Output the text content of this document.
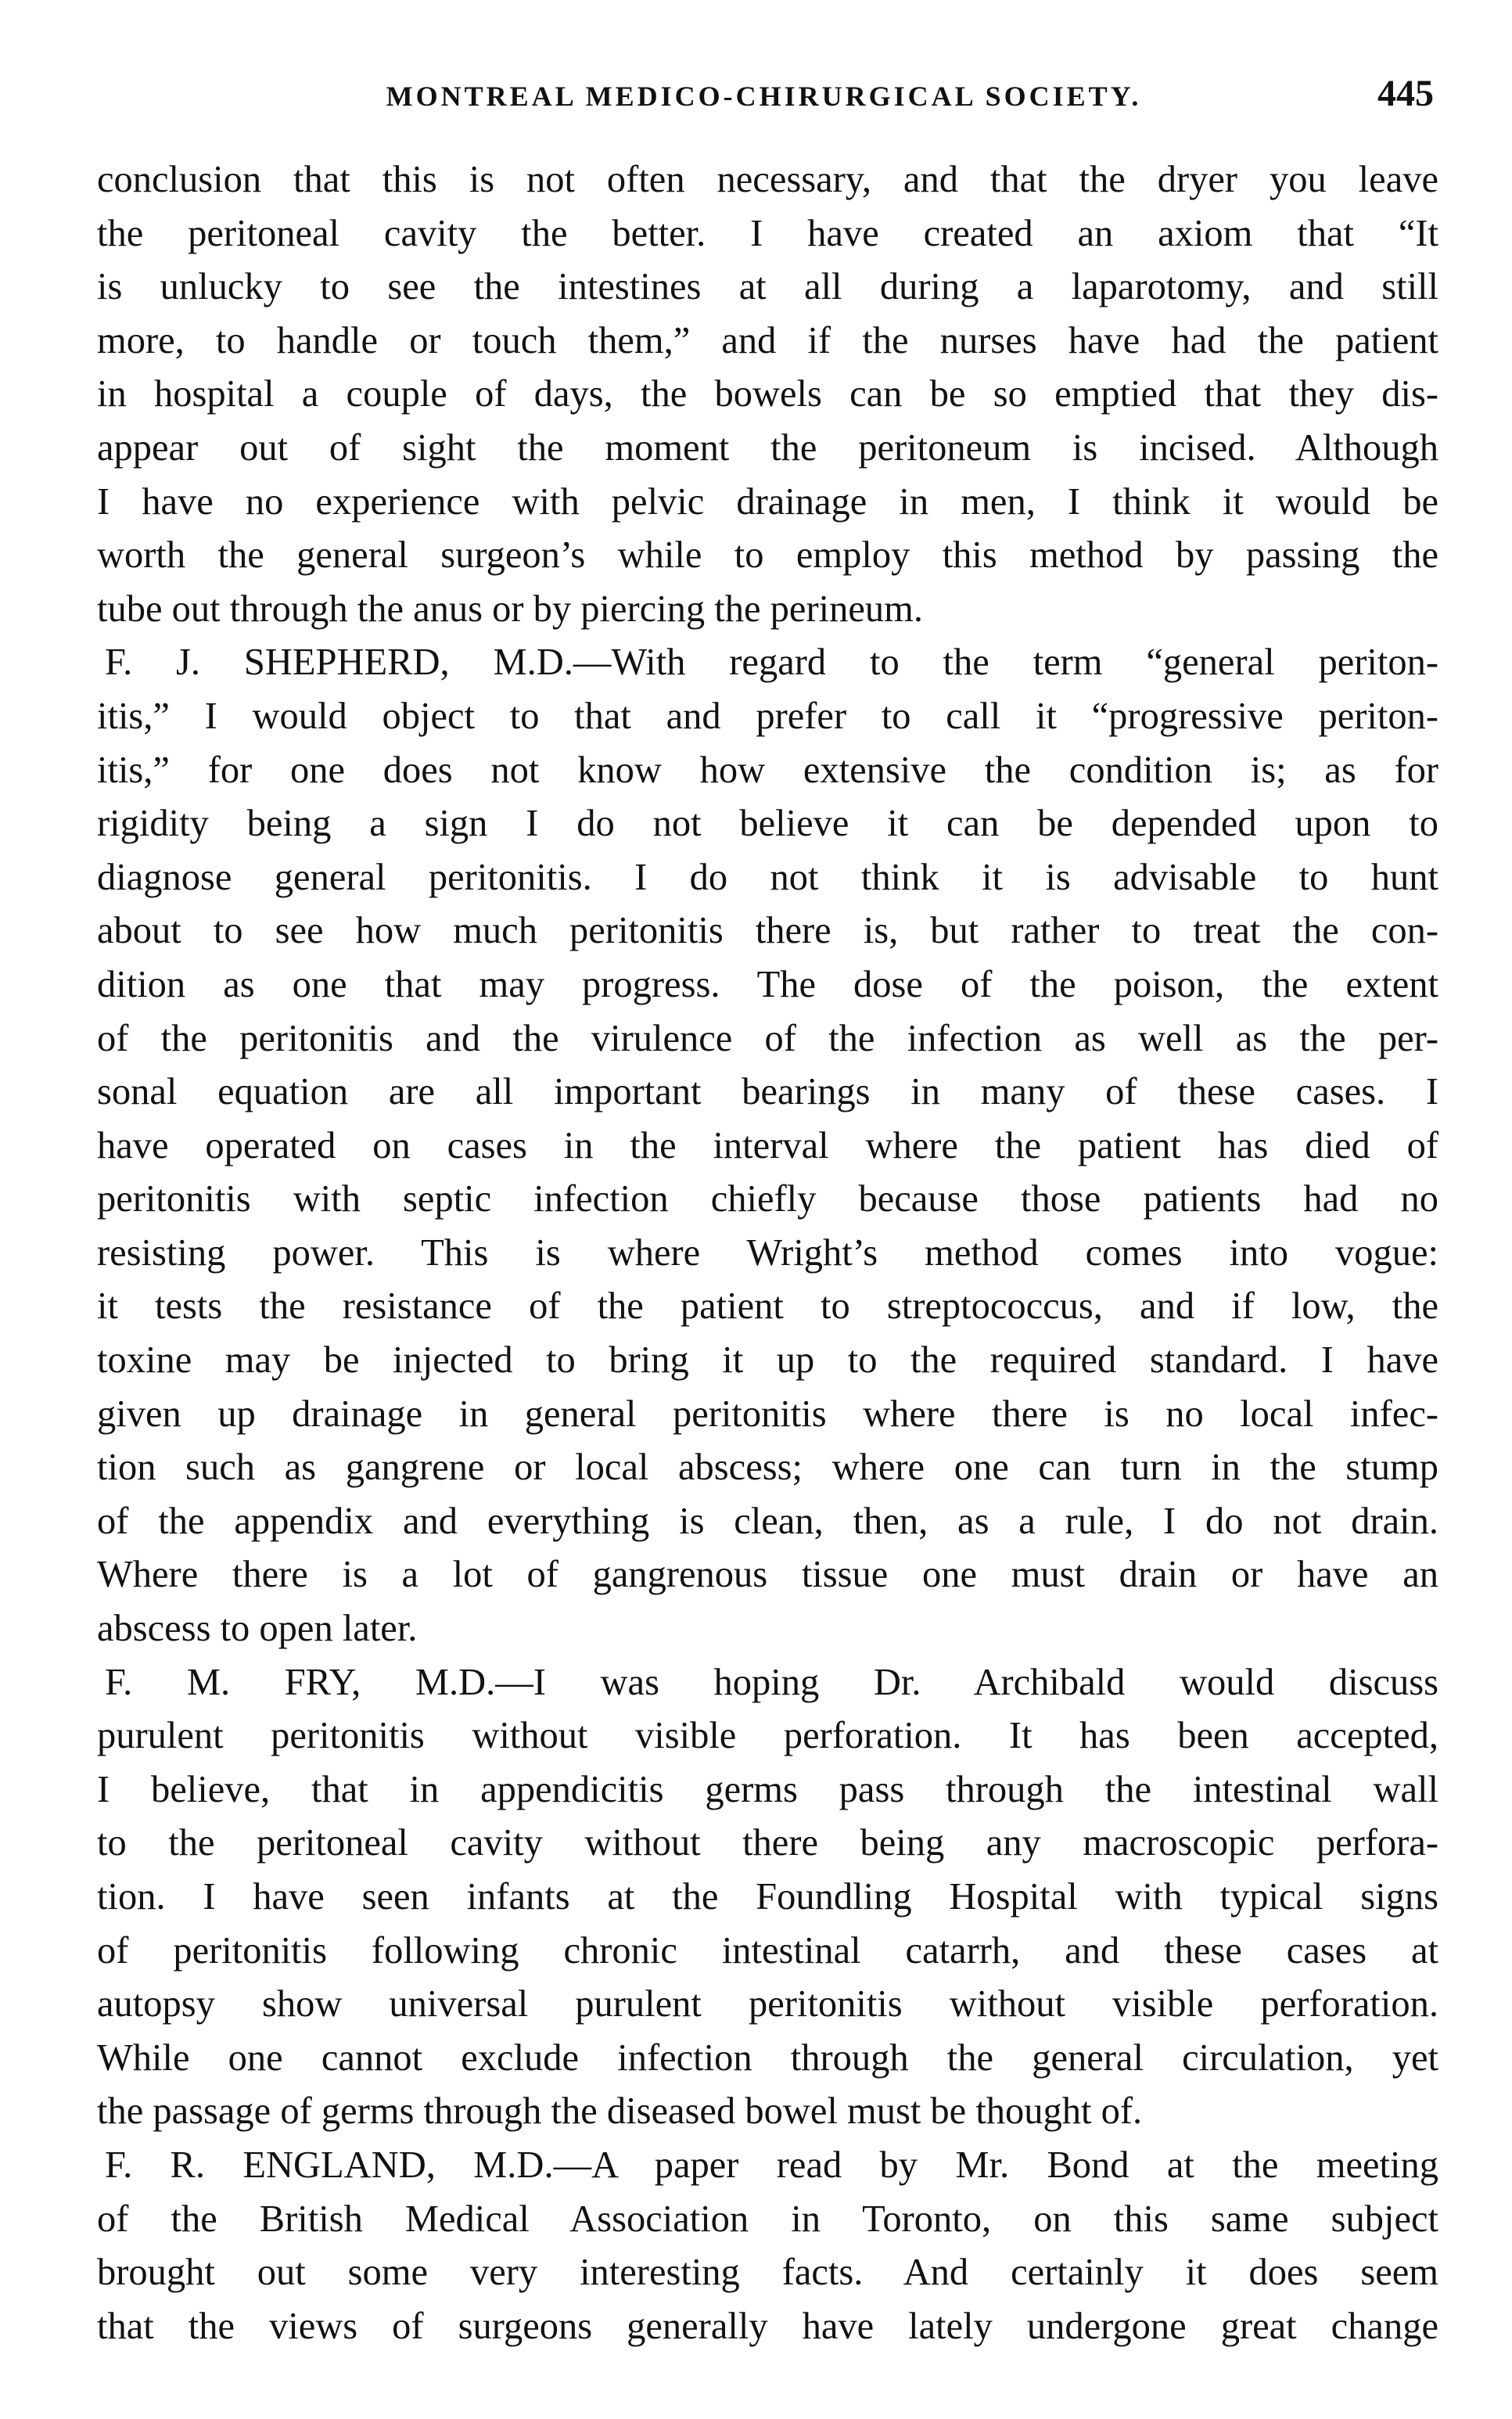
MONTREAL MEDICO-CHIRURGICAL SOCIETY.	445
conclusion that this is not often necessary, and that the dryer you leave
the peritoneal cavity the better. I have created an axiom that “It
is unlucky to see the intestines at all during a laparotomy, and still
more, to handle or touch them,” and if the nurses have had the patient
in hospital a couple of days, the bowels can be so emptied that they dis-
appear out of sight the moment the peritoneum is incised. Although
I have no experience with pelvic drainage in men, I think it would be
worth the general surgeon’s while to employ this method by passing the
tube out through the anus or by piercing the perineum.
F. J. SHEPHERD, M.D.—With regard to the term “general periton-
itis,” I would object to that and prefer to call it “progressive periton-
itis,” for one does not know how extensive the condition is; as for
rigidity being a sign I do not believe it can be depended upon to
diagnose general peritonitis. I do not think it is advisable to hunt
about to see how much peritonitis there is, but rather to treat the con-
dition as one that may progress. The dose of the poison, the extent
of the peritonitis and the virulence of the infection as well as the per-
sonal equation are all important bearings in many of these cases. I
have operated on cases in the interval where the patient has died of
peritonitis with septic infection chiefly because those patients had no
resisting power. This is where Wright’s method comes into vogue:
it tests the resistance of the patient to streptococcus, and if low, the
toxine may be injected to bring it up to the required standard. I have
given up drainage in general peritonitis where there is no local infec-
tion such as gangrene or local abscess; where one can turn in the stump
of the appendix and everything is clean, then, as a rule, I do not drain.
Where there is a lot of gangrenous tissue one must drain or have an
abscess to open later.
F. M. FRY, M.D.—I was hoping Dr. Archibald would discuss
purulent peritonitis without visible perforation. It has been accepted,
I believe, that in appendicitis germs pass through the intestinal wall
to the peritoneal cavity without there being any macroscopic perfora-
tion. I have seen infants at the Foundling Hospital with typical signs
of peritonitis following chronic intestinal catarrh, and these cases at
autopsy show universal purulent peritonitis without visible perforation.
While one cannot exclude infection through the general circulation, yet
the passage of germs through the diseased bowel must be thought of.
F. R. ENGLAND, M.D.—A paper read by Mr. Bond at the meeting
of the British Medical Association in Toronto, on this same subject
brought out some very interesting facts. And certainly it does seem
that the views of surgeons generally have lately undergone great change
